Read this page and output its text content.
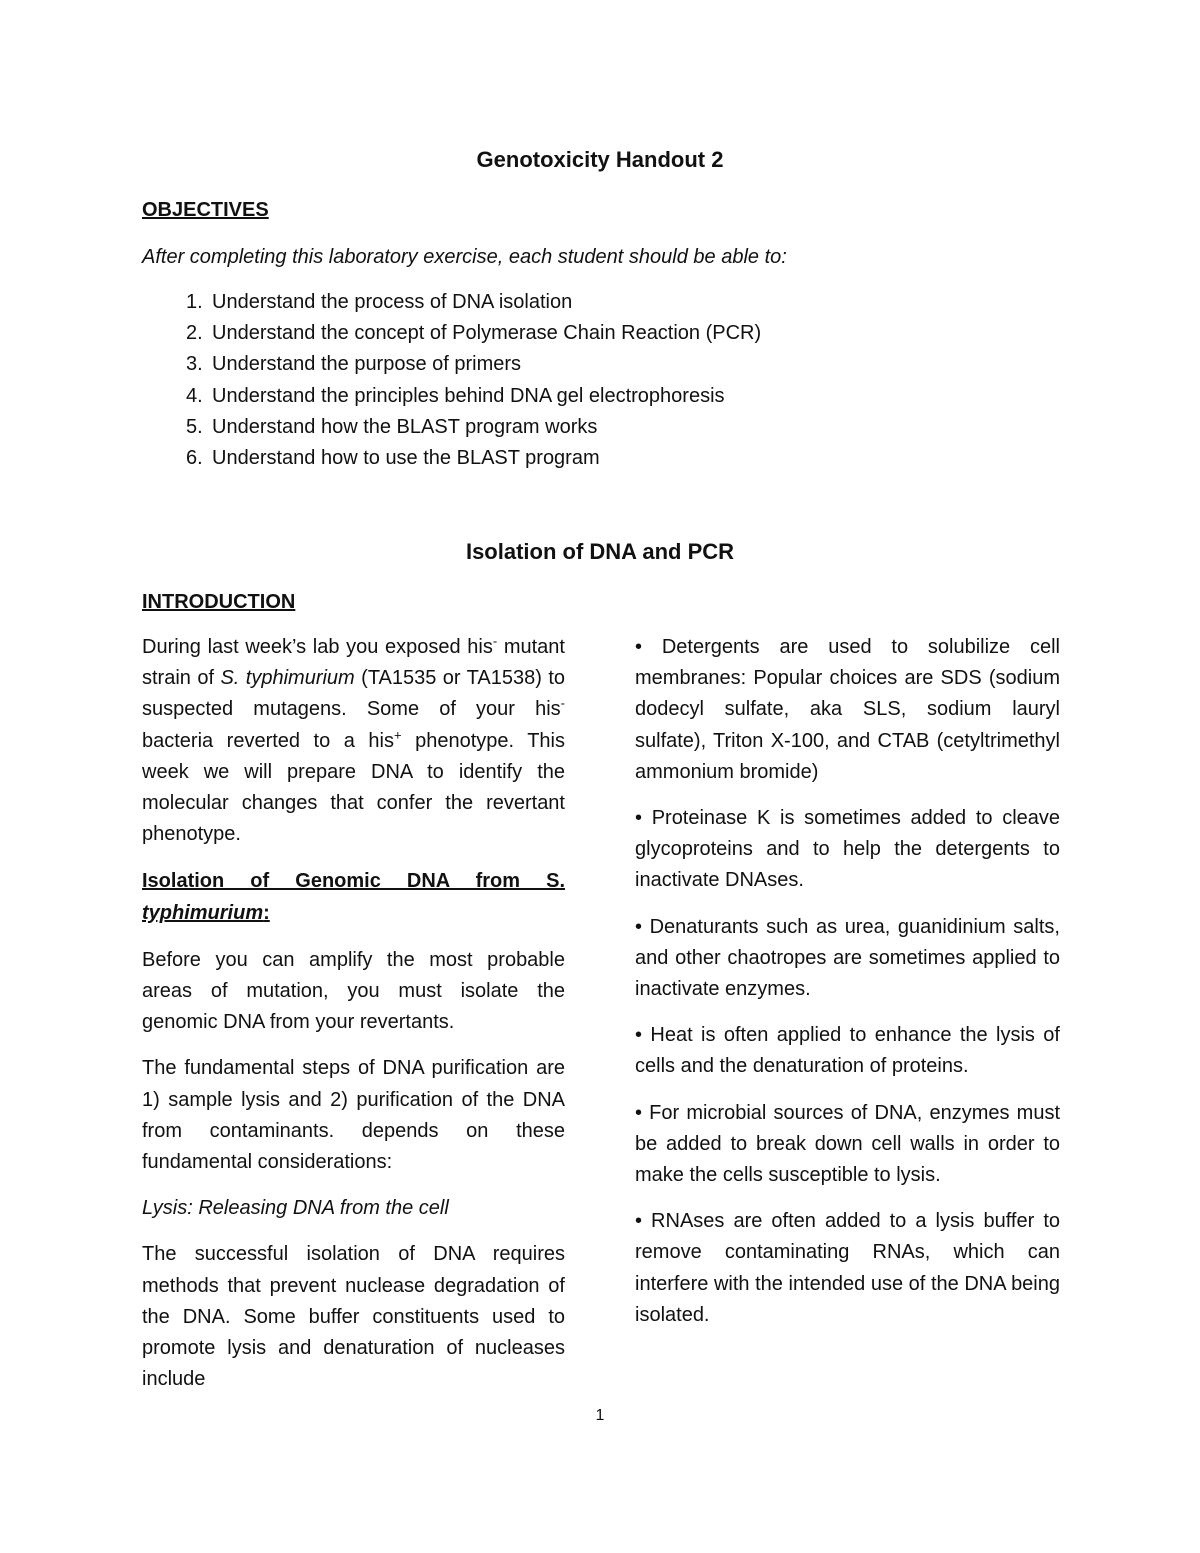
Genotoxicity Handout 2
OBJECTIVES
After completing this laboratory exercise, each student should be able to:
1. Understand the process of DNA isolation
2. Understand the concept of Polymerase Chain Reaction (PCR)
3. Understand the purpose of primers
4. Understand the principles behind DNA gel electrophoresis
5. Understand how the BLAST program works
6. Understand how to use the BLAST program
Isolation of DNA and PCR
INTRODUCTION

During last week’s lab you exposed his- mutant strain of S. typhimurium (TA1535 or TA1538) to suspected mutagens. Some of your his- bacteria reverted to a his+ phenotype. This week we will prepare DNA to identify the molecular changes that confer the revertant phenotype.

Isolation of Genomic DNA from S.

typhimurium:

Before you can amplify the most probable areas of mutation, you must isolate the genomic DNA from your revertants.

The fundamental steps of DNA purification are 1) sample lysis and 2) purification of the DNA from contaminants. depends on these fundamental considerations:

Lysis: Releasing DNA from the cell

The successful isolation of DNA requires methods that prevent nuclease degradation of the DNA. Some buffer constituents used to promote lysis and denaturation of nucleases include

• Detergents are used to solubilize cell membranes: Popular choices are SDS (sodium dodecyl sulfate, aka SLS, sodium lauryl sulfate), Triton X-100, and CTAB (cetyltrimethyl ammonium bromide)

• Proteinase K is sometimes added to cleave glycoproteins and to help the detergents to inactivate DNAses.

• Denaturants such as urea, guanidinium salts, and other chaotropes are sometimes applied to inactivate enzymes.

• Heat is often applied to enhance the lysis of cells and the denaturation of proteins.

• For microbial sources of DNA, enzymes must be added to break down cell walls in order to make the cells susceptible to lysis.

• RNAses are often added to a lysis buffer to remove contaminating RNAs, which can interfere with the intended use of the DNA being isolated.

1
